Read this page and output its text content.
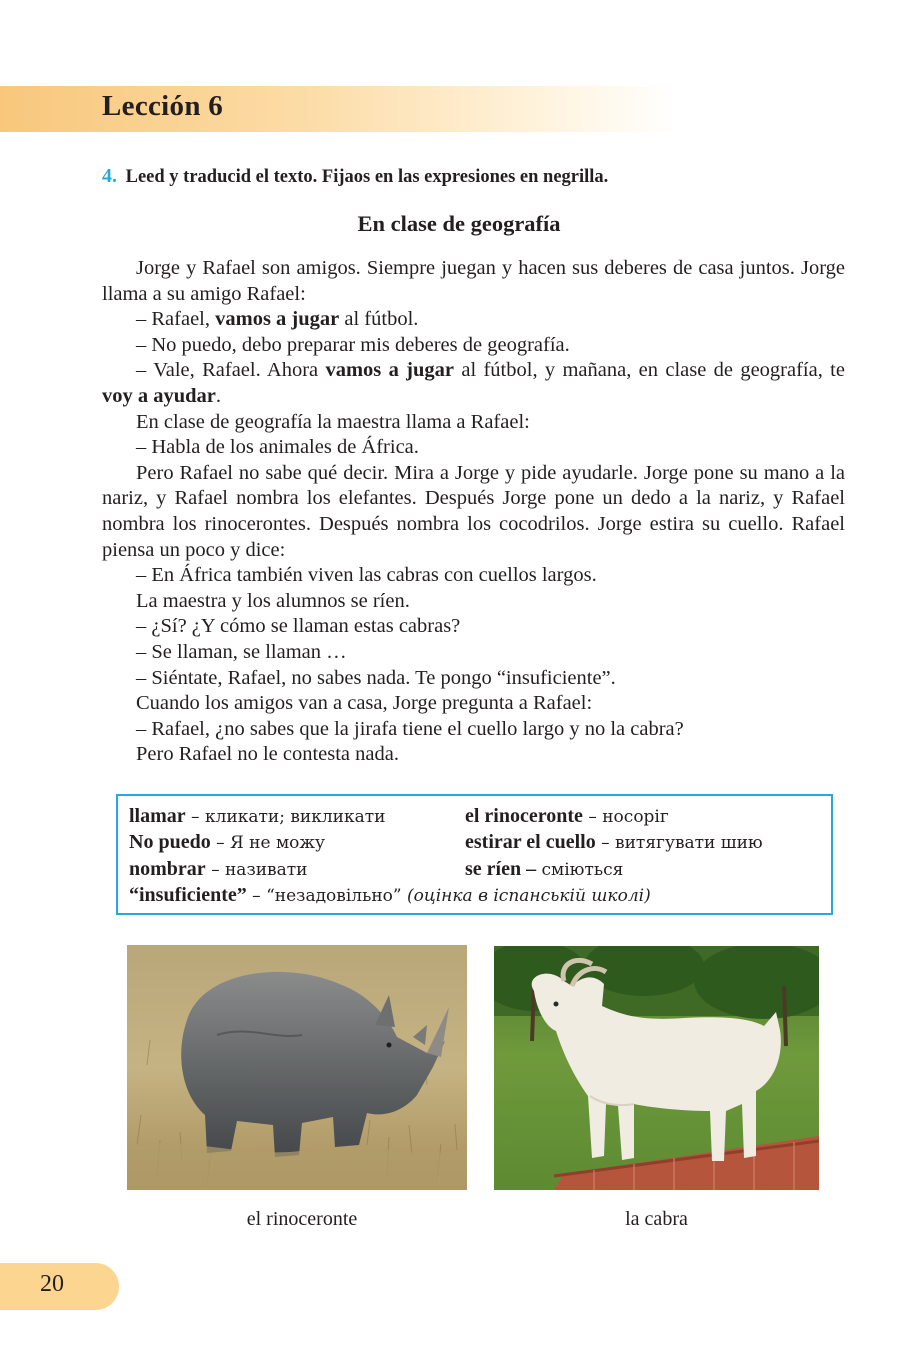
Lección 6
4. Leed y traducid el texto. Fijaos en las expresiones en negrilla.
En clase de geografía

Jorge y Rafael son amigos. Siempre juegan y hacen sus deberes de casa juntos. Jorge llama a su amigo Rafael:

– Rafael, vamos a jugar al fútbol.

– No puedo, debo preparar mis deberes de geografía.

– Vale, Rafael. Ahora vamos a jugar al fútbol, y mañana, en clase de geografía, te voy a ayudar.

En clase de geografía la maestra llama a Rafael:

– Habla de los animales de África.

Pero Rafael no sabe qué decir. Mira a Jorge y pide ayudarle. Jorge pone su mano a la nariz, y Rafael nombra los elefantes. Después Jorge pone un dedo a la nariz, y Rafael nombra los rinocerontes. Después nombra los cocodrilos. Jorge estira su cuello. Rafael piensa un poco y dice:

– En África también viven las cabras con cuellos largos.

La maestra y los alumnos se ríen.

– ¿Sí? ¿Y cómo se llaman estas cabras?

– Se llaman, se llaman …

– Siéntate, Rafael, no sabes nada. Te pongo “insuficiente”.

Cuando los amigos van a casa, Jorge pregunta a Rafael:

– Rafael, ¿no sabes que la jirafa tiene el cuello largo y no la cabra?

Pero Rafael no le contesta nada.

llamar – кликати; викликати	el rinoceronte – носоріг
No puedo – Я не можу	estirar el cuello – витягувати шию
nombrar – називати	se ríen – сміються
“insuficiente” – “незадовільно” (оцінка в іспанській школі)
el rinoceronte	la cabra
20
